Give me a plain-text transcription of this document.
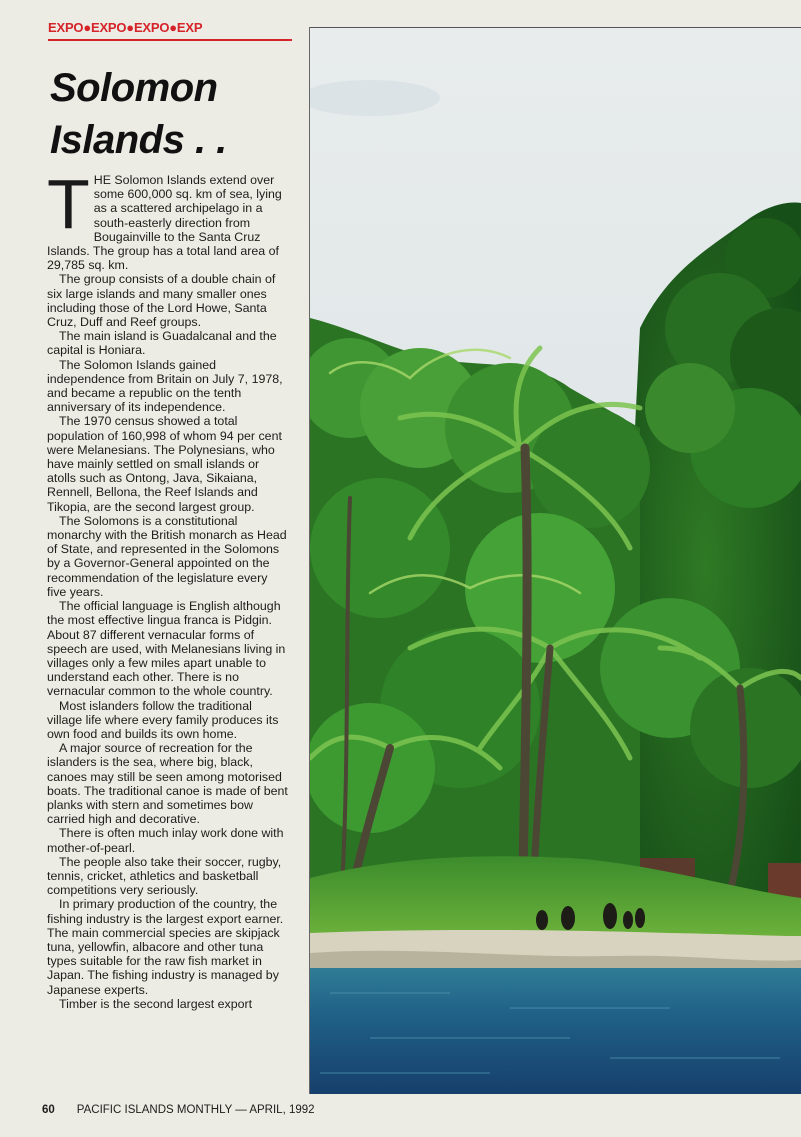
EXPO●EXPO●EXPO●EXP
Solomon
Islands . .

THE Solomon Islands extend over some 600,000 sq. km of sea, lying as a scattered archipelago in a south-easterly direction from Bougainville to the Santa Cruz Islands. The group has a total land area of 29,785 sq. km.

The group consists of a double chain of six large islands and many smaller ones including those of the Lord Howe, Santa Cruz, Duff and Reef groups.

The main island is Guadalcanal and the capital is Honiara.

The Solomon Islands gained independence from Britain on July 7, 1978, and became a republic on the tenth anniversary of its independence.

The 1970 census showed a total population of 160,998 of whom 94 per cent were Melanesians. The Polynesians, who have mainly settled on small islands or atolls such as Ontong, Java, Sikaiana, Rennell, Bellona, the Reef Islands and Tikopia, are the second largest group.

The Solomons is a constitutional monarchy with the British monarch as Head of State, and represented in the Solomons by a Governor-General appointed on the recommendation of the legislature every five years.

The official language is English although the most effective lingua franca is Pidgin. About 87 different vernacular forms of speech are used, with Melanesians living in villages only a few miles apart unable to understand each other. There is no vernacular common to the whole country.

Most islanders follow the traditional village life where every family produces its own food and builds its own home.

A major source of recreation for the islanders is the sea, where big, black, canoes may still be seen among motorised boats. The traditional canoe is made of bent planks with stern and sometimes bow carried high and decorative.

There is often much inlay work done with mother-of-pearl.

The people also take their soccer, rugby, tennis, cricket, athletics and basketball competitions very seriously.

In primary production of the country, the fishing industry is the largest export earner. The main commercial species are skipjack tuna, yellowfin, albacore and other tuna types suitable for the raw fish market in Japan. The fishing industry is managed by Japanese experts.

Timber is the second largest export

60 PACIFIC ISLANDS MONTHLY — APRIL, 1992
